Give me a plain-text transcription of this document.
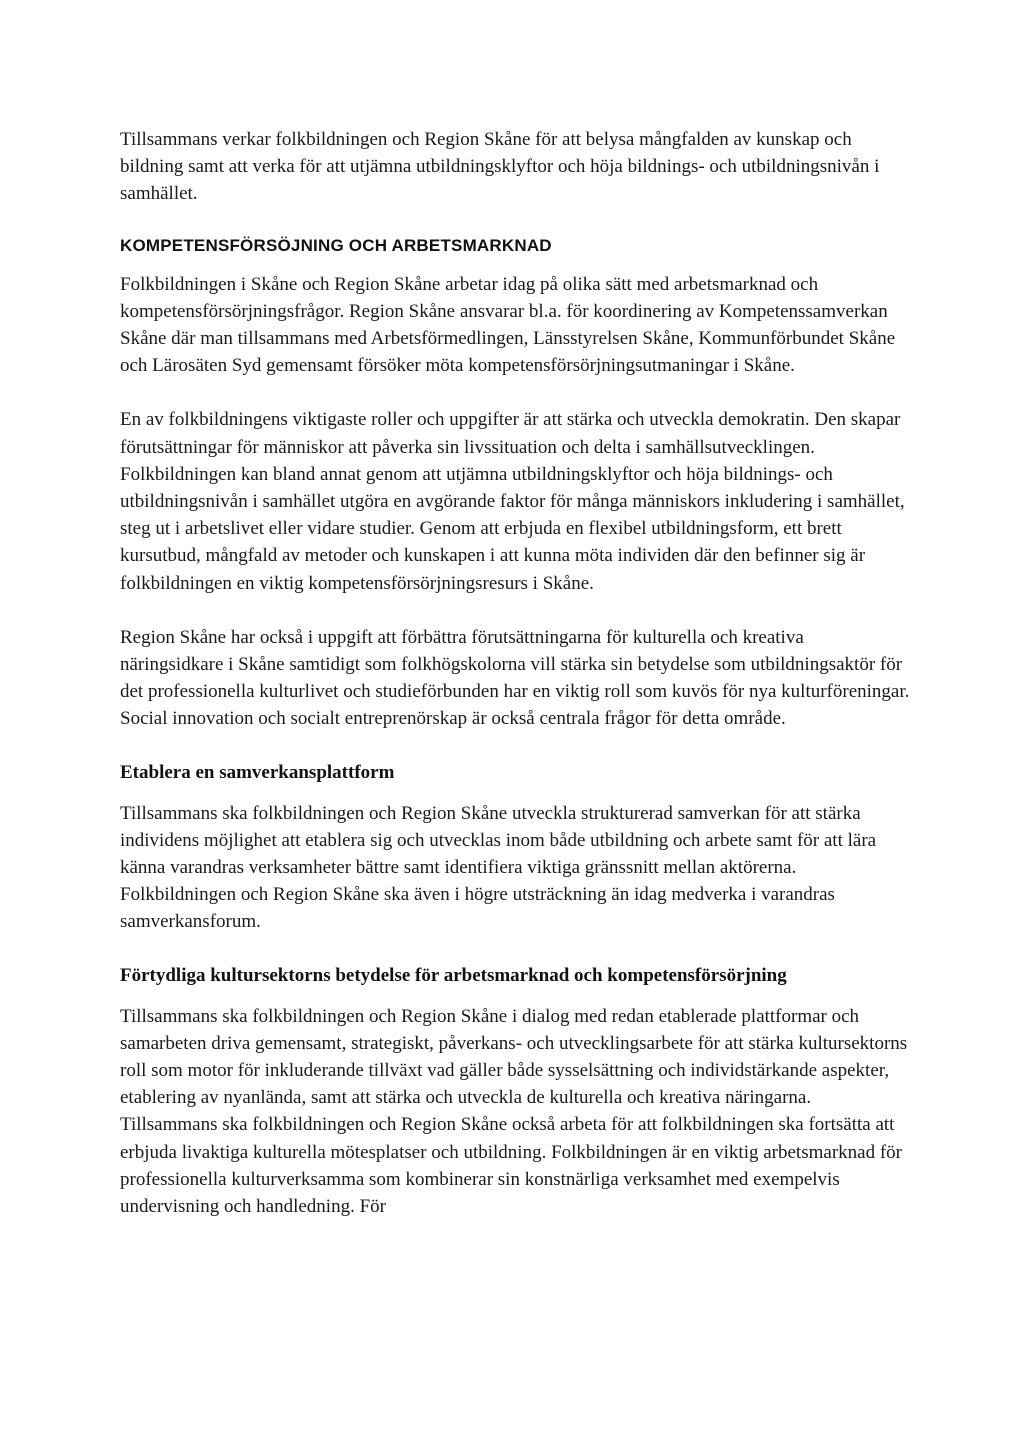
Tillsammans verkar folkbildningen och Region Skåne för att belysa mångfalden av kunskap och bildning samt att verka för att utjämna utbildningsklyftor och höja bildnings- och utbildningsnivån i samhället.

KOMPETENSFÖRSÖJNING OCH ARBETSMARKNAD

Folkbildningen i Skåne och Region Skåne arbetar idag på olika sätt med arbetsmarknad och kompetensförsörjningsfrågor. Region Skåne ansvarar bl.a. för koordinering av Kompetenssamverkan Skåne där man tillsammans med Arbetsförmedlingen, Länsstyrelsen Skåne, Kommunförbundet Skåne och Lärosäten Syd gemensamt försöker möta kompetensförsörjningsutmaningar i Skåne.

En av folkbildningens viktigaste roller och uppgifter är att stärka och utveckla demokratin. Den skapar förutsättningar för människor att påverka sin livssituation och delta i samhällsutvecklingen. Folkbildningen kan bland annat genom att utjämna utbildningsklyftor och höja bildnings- och utbildningsnivån i samhället utgöra en avgörande faktor för många människors inkludering i samhället, steg ut i arbetslivet eller vidare studier. Genom att erbjuda en flexibel utbildningsform, ett brett kursutbud, mångfald av metoder och kunskapen i att kunna möta individen där den befinner sig är folkbildningen en viktig kompetensförsörjningsresurs i Skåne.

Region Skåne har också i uppgift att förbättra förutsättningarna för kulturella och kreativa näringsidkare i Skåne samtidigt som folkhögskolorna vill stärka sin betydelse som utbildningsaktör för det professionella kulturlivet och studieförbunden har en viktig roll som kuvös för nya kulturföreningar. Social innovation och socialt entreprenörskap är också centrala frågor för detta område.

Etablera en samverkansplattform

Tillsammans ska folkbildningen och Region Skåne utveckla strukturerad samverkan för att stärka individens möjlighet att etablera sig och utvecklas inom både utbildning och arbete samt för att lära känna varandras verksamheter bättre samt identifiera viktiga gränssnitt mellan aktörerna. Folkbildningen och Region Skåne ska även i högre utsträckning än idag medverka i varandras samverkansforum.

Förtydliga kultursektorns betydelse för arbetsmarknad och kompetensförsörjning

Tillsammans ska folkbildningen och Region Skåne i dialog med redan etablerade plattformar och samarbeten driva gemensamt, strategiskt, påverkans- och utvecklingsarbete för att stärka kultursektorns roll som motor för inkluderande tillväxt vad gäller både sysselsättning och individstärkande aspekter, etablering av nyanlända, samt att stärka och utveckla de kulturella och kreativa näringarna. Tillsammans ska folkbildningen och Region Skåne också arbeta för att folkbildningen ska fortsätta att erbjuda livaktiga kulturella mötesplatser och utbildning. Folkbildningen är en viktig arbetsmarknad för professionella kulturverksamma som kombinerar sin konstnärliga verksamhet med exempelvis undervisning och handledning. För
